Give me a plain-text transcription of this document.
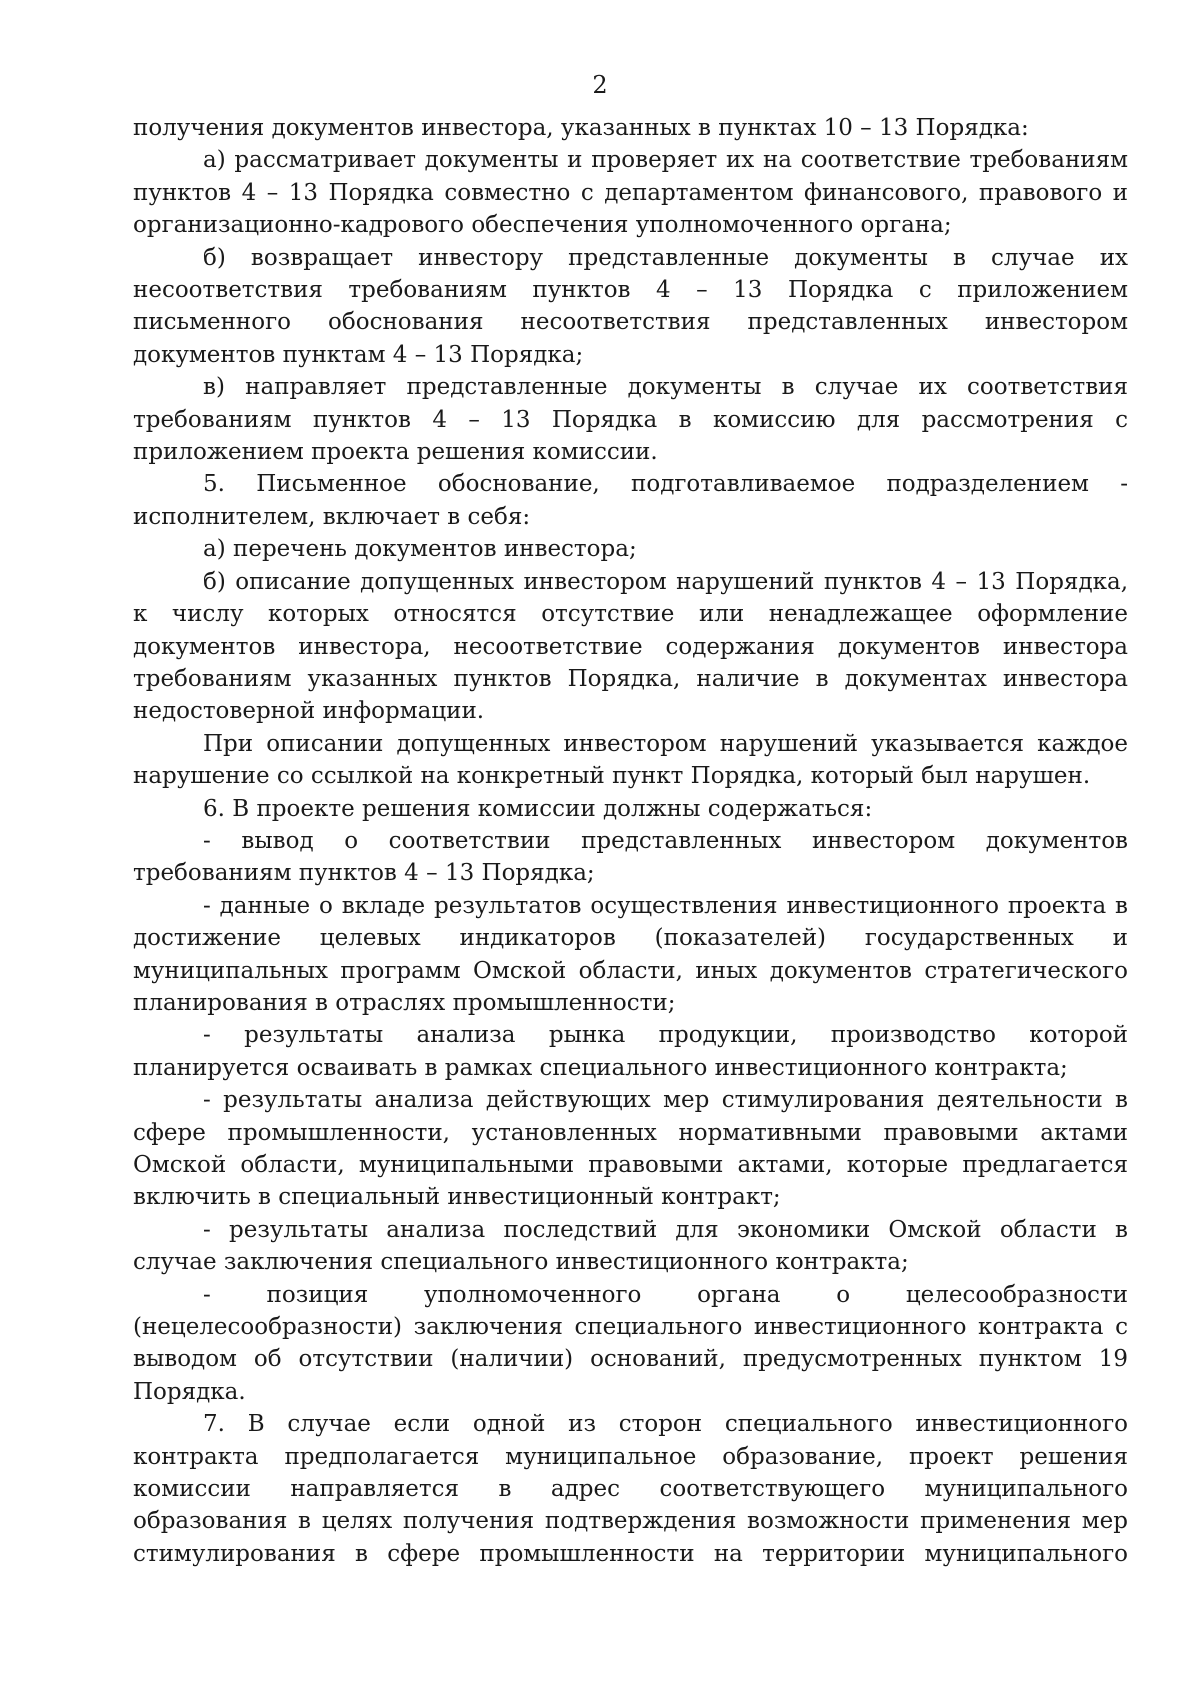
2

получения документов инвестора, указанных в пунктах 10 – 13 Порядка:

а) рассматривает документы и проверяет их на соответствие требованиям пунктов 4 – 13 Порядка совместно с департаментом финансового, правового и организационно-кадрового обеспечения уполномоченного органа;

б) возвращает инвестору представленные документы в случае их несоответствия требованиям пунктов 4 – 13 Порядка с приложением письменного обоснования несоответствия представленных инвестором документов пунктам 4 – 13 Порядка;

в) направляет представленные документы в случае их соответствия требованиям пунктов 4 – 13 Порядка в комиссию для рассмотрения с приложением проекта решения комиссии.

5. Письменное обоснование, подготавливаемое подразделением - исполнителем, включает в себя:

а) перечень документов инвестора;

б) описание допущенных инвестором нарушений пунктов 4 – 13 Порядка, к числу которых относятся отсутствие или ненадлежащее оформление документов инвестора, несоответствие содержания документов инвестора требованиям указанных пунктов Порядка, наличие в документах инвестора недостоверной информации.

При описании допущенных инвестором нарушений указывается каждое нарушение со ссылкой на конкретный пункт Порядка, который был нарушен.

6. В проекте решения комиссии должны содержаться:

- вывод о соответствии представленных инвестором документов требованиям пунктов 4 – 13 Порядка;

- данные о вкладе результатов осуществления инвестиционного проекта в достижение целевых индикаторов (показателей) государственных и муниципальных программ Омской области, иных документов стратегического планирования в отраслях промышленности;

- результаты анализа рынка продукции, производство которой планируется осваивать в рамках специального инвестиционного контракта;

- результаты анализа действующих мер стимулирования деятельности в сфере промышленности, установленных нормативными правовыми актами Омской области, муниципальными правовыми актами, которые предлагается включить в специальный инвестиционный контракт;

- результаты анализа последствий для экономики Омской области в случае заключения специального инвестиционного контракта;

- позиция уполномоченного органа о целесообразности (нецелесообразности) заключения специального инвестиционного контракта с выводом об отсутствии (наличии) оснований, предусмотренных пунктом 19 Порядка.

7. В случае если одной из сторон специального инвестиционного контракта предполагается муниципальное образование, проект решения комиссии направляется в адрес соответствующего муниципального образования в целях получения подтверждения возможности применения мер стимулирования в сфере промышленности на территории муниципального
